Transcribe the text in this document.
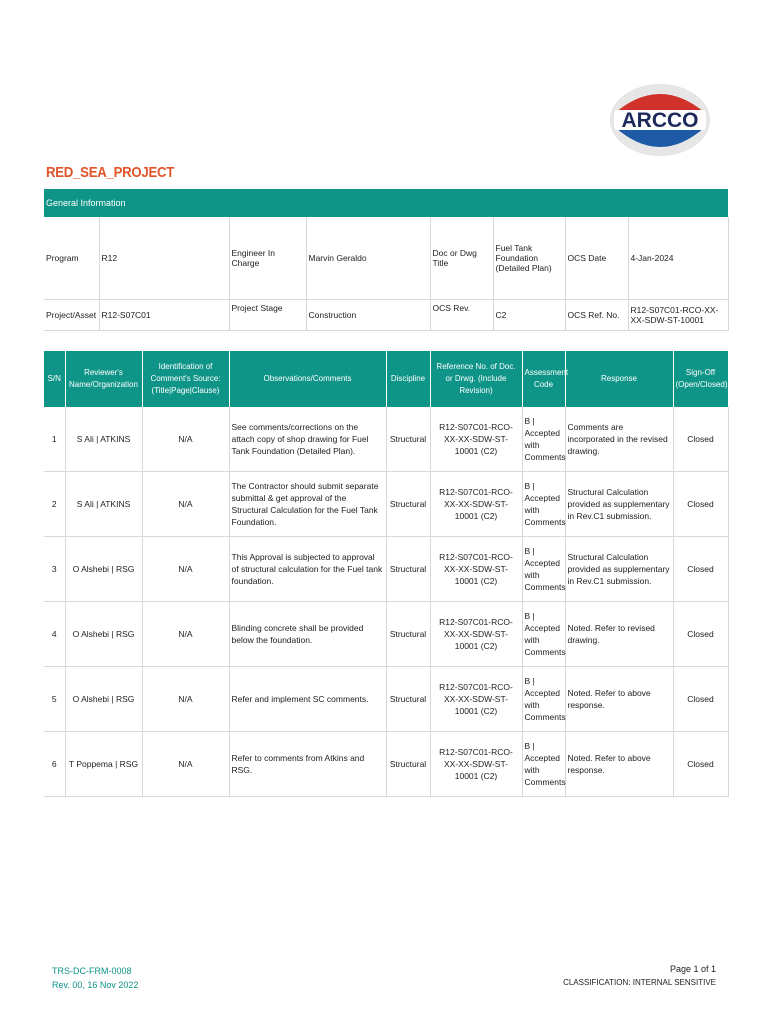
ARCCO
RED_SEA_PROJECT
General Information
Program	R12	Engineer In Charge	Marvin Geraldo	Doc or Dwg Title	Fuel Tank Foundation (Detailed Plan)	OCS Date	4-Jan-2024
Project/Asset	R12-S07C01	Project Stage	Construction	OCS Rev.	C2	OCS Ref. No.	R12-S07C01-RCO-XX-XX-SDW-ST-10001
S/N	Reviewer's Name/Organization	Identification of Comment's Source: (Title|Page|Clause)	Observations/Comments	Discipline	Reference No. of Doc. or Drwg. (Include Revision)	Assessment Code	Response	Sign-Off (Open/Closed)
1	S Ali | ATKINS	N/A	See comments/corrections on the attach copy of shop drawing for Fuel Tank Foundation (Detailed Plan).	Structural	R12-S07C01-RCO-XX-XX-SDW-ST-10001 (C2)	B | Accepted with Comments	Comments are incorporated in the revised drawing.	Closed
2	S Ali | ATKINS	N/A	The Contractor should submit separate submittal & get approval of the Structural Calculation for the Fuel Tank Foundation.	Structural	R12-S07C01-RCO-XX-XX-SDW-ST-10001 (C2)	B | Accepted with Comments	Structural Calculation provided as supplementary in Rev.C1 submission.	Closed
3	O Alshebi | RSG	N/A	This Approval is subjected to approval of structural calculation for the Fuel tank foundation.	Structural	R12-S07C01-RCO-XX-XX-SDW-ST-10001 (C2)	B | Accepted with Comments	Structural Calculation provided as supplementary in Rev.C1 submission.	Closed
4	O Alshebi | RSG	N/A	Blinding concrete shall be provided below the foundation.	Structural	R12-S07C01-RCO-XX-XX-SDW-ST-10001 (C2)	B | Accepted with Comments	Noted. Refer to revised drawing.	Closed
5	O Alshebi | RSG	N/A	Refer and implement SC comments.	Structural	R12-S07C01-RCO-XX-XX-SDW-ST-10001 (C2)	B | Accepted with Comments	Noted. Refer to above response.	Closed
6	T Poppema | RSG	N/A	Refer to comments from Atkins and RSG.	Structural	R12-S07C01-RCO-XX-XX-SDW-ST-10001 (C2)	B | Accepted with Comments	Noted. Refer to above response.	Closed
TRS-DC-FRM-0008
Rev. 00, 16 Nov 2022
Page 1 of 1
CLASSIFICATION: INTERNAL SENSITIVE
